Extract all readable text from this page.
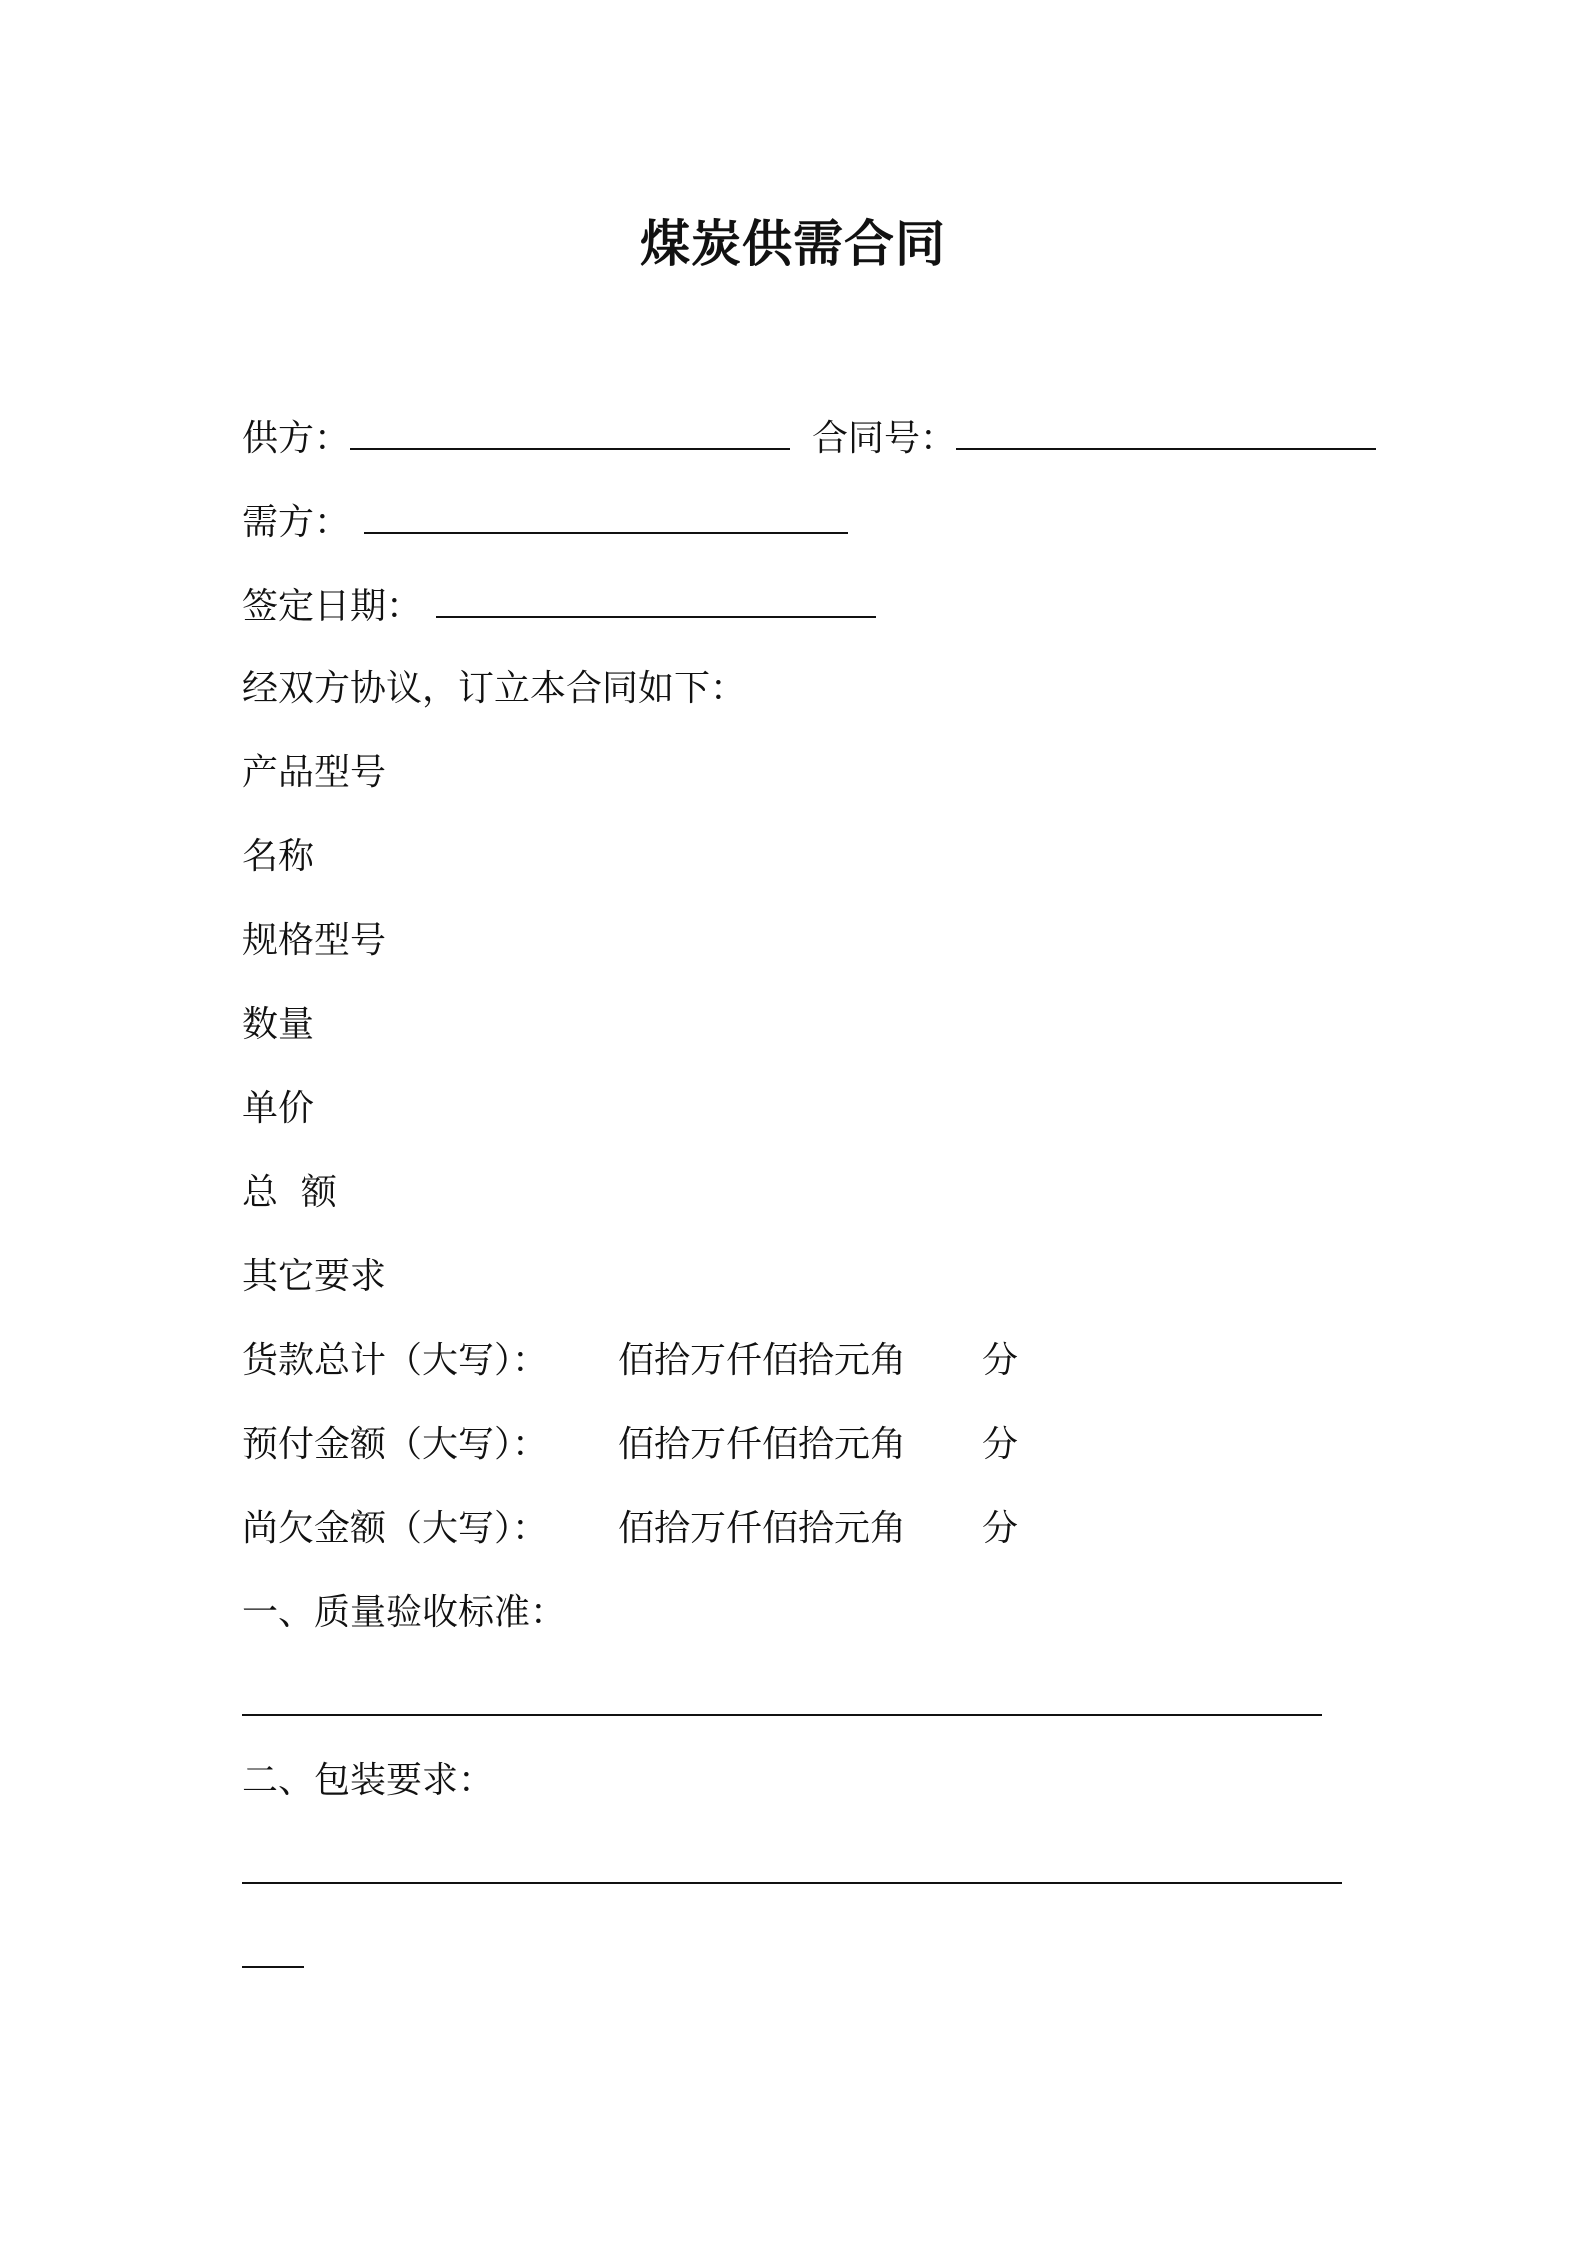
煤炭供需合同
供方：	合同号：
需方：
签定日期：
经双方协议，订立本合同如下：
产品型号
名称
规格型号
数量
单价
总  额
其它要求
货款总计（大写）： 佰拾万仟佰拾元角 分
预付金额（大写）： 佰拾万仟佰拾元角 分
尚欠金额（大写）： 佰拾万仟佰拾元角 分
一、质量验收标准：
二、包装要求：
